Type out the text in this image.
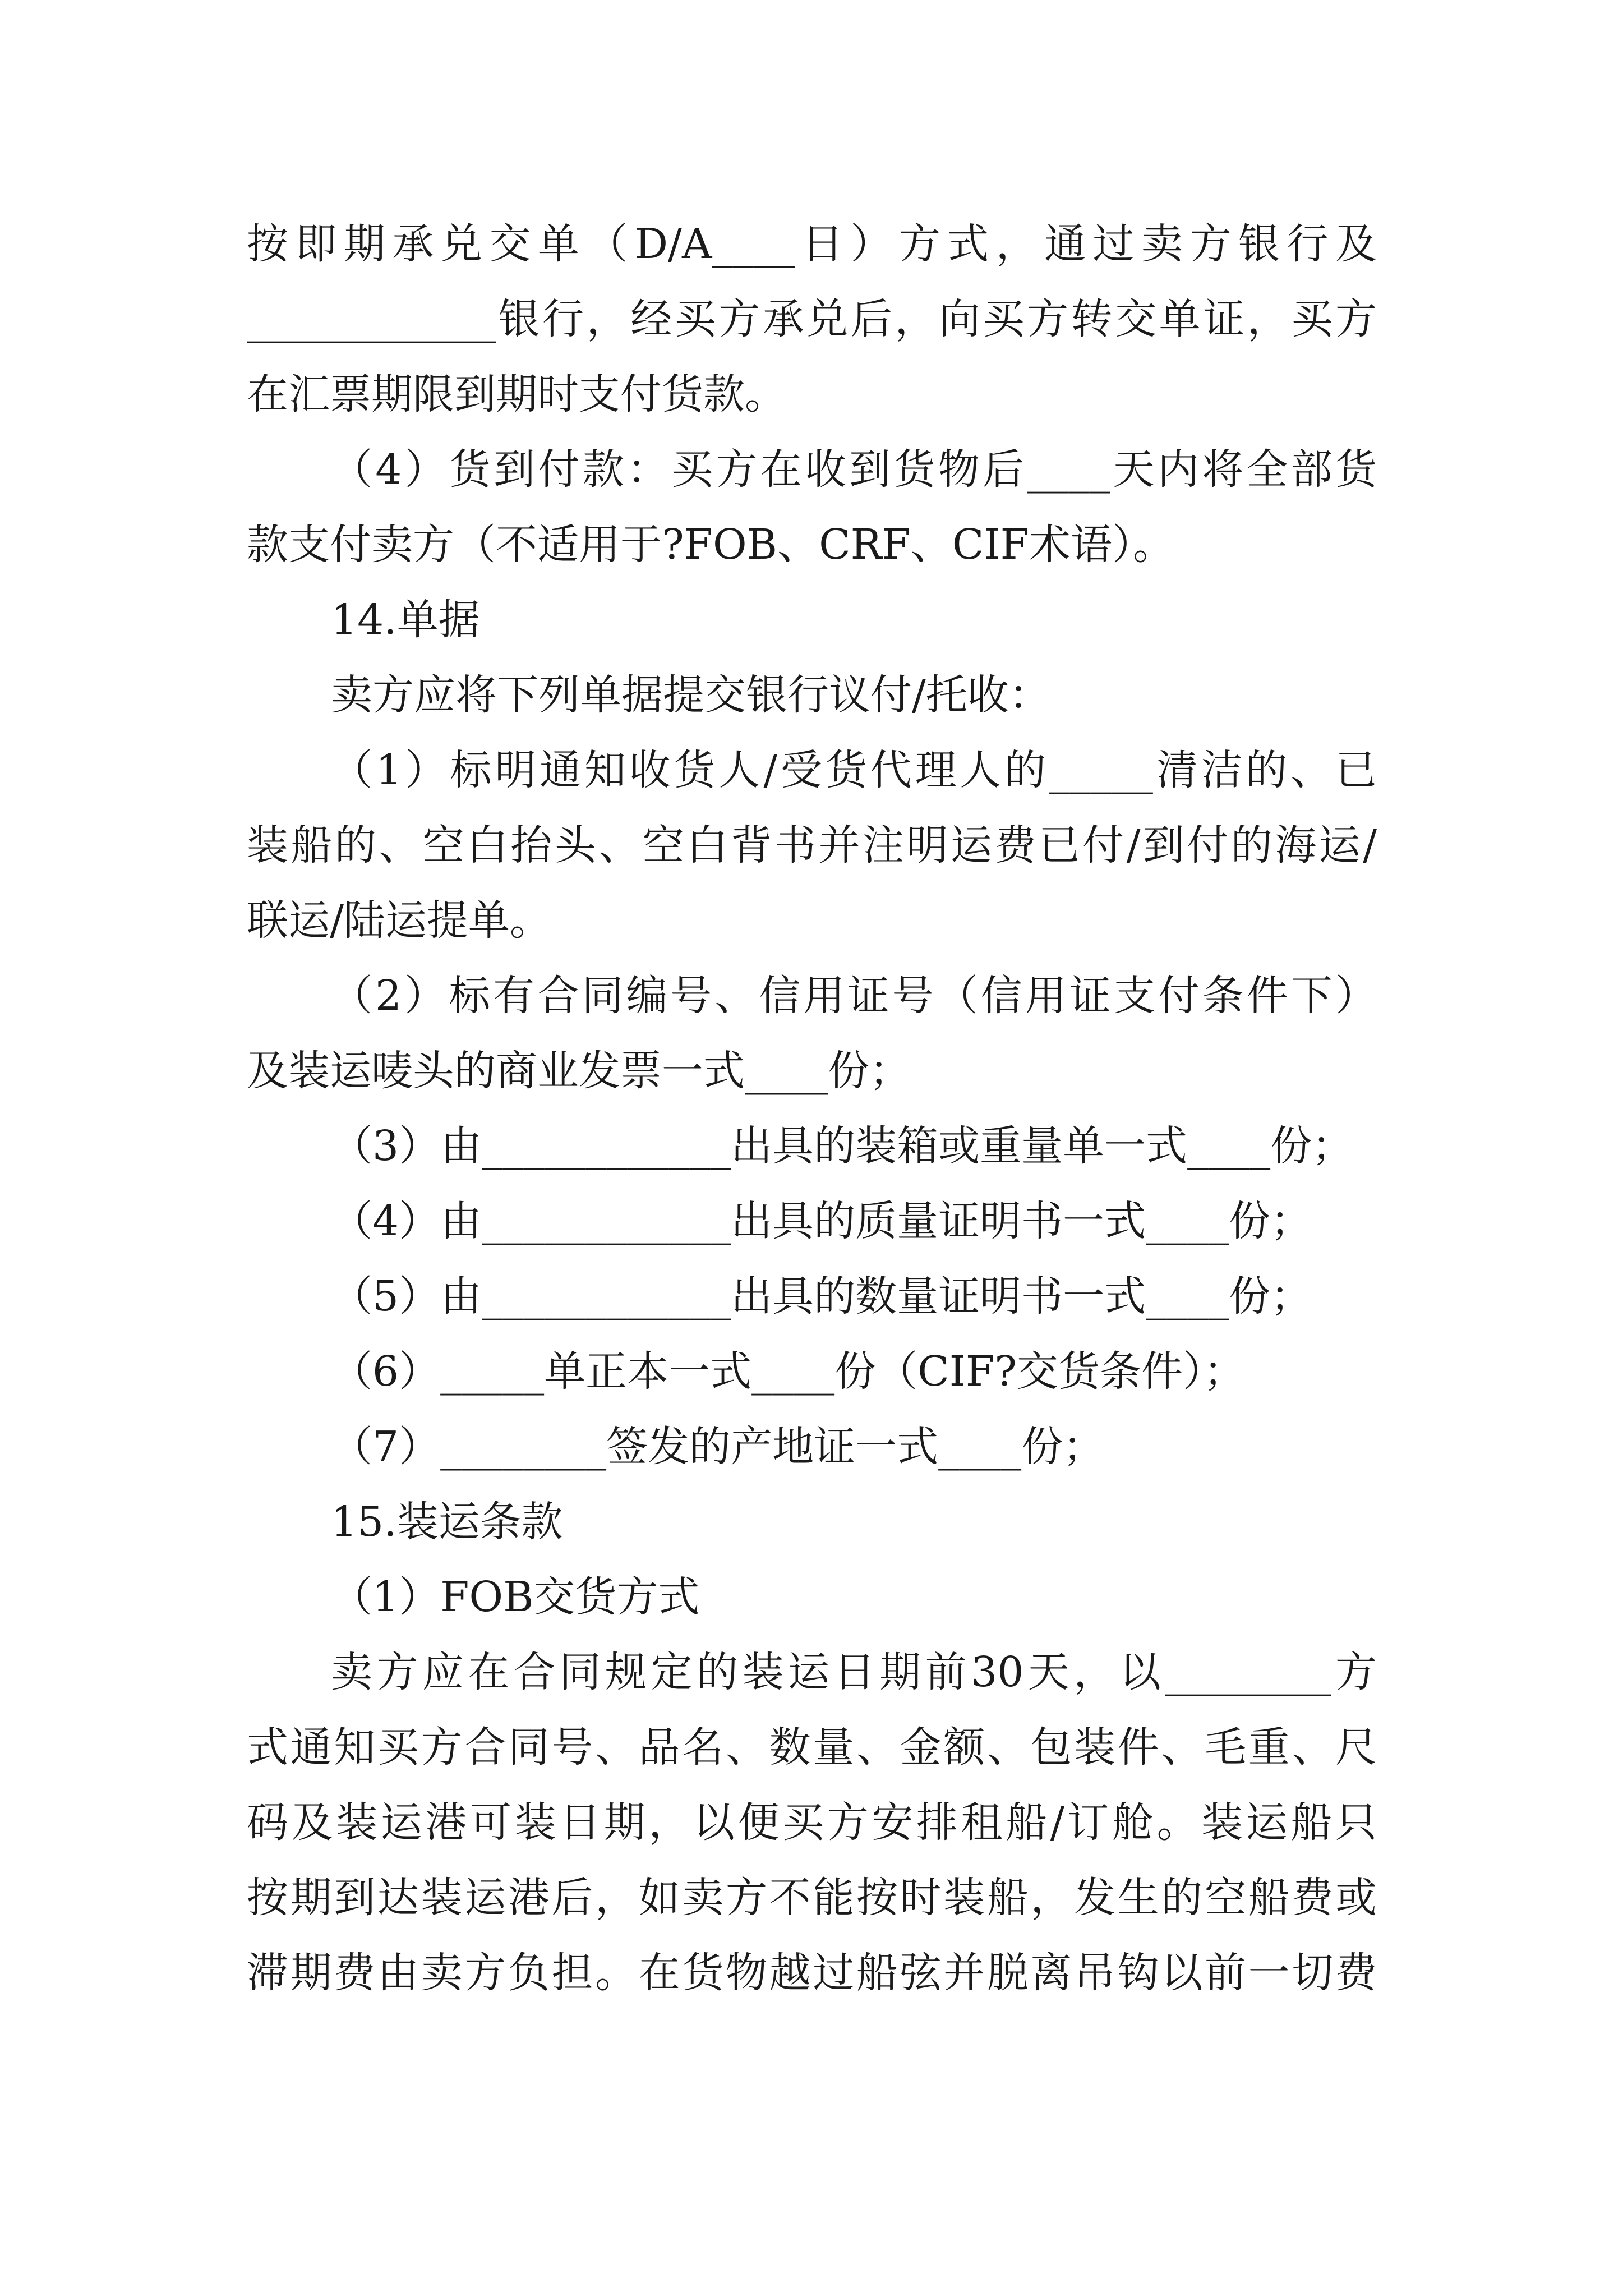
按即期承兑交单（D/A____日）方式，通过卖方银行及
____________银行，经买方承兑后，向买方转交单证，买方
在汇票期限到期时支付货款。
（4）货到付款：买方在收到货物后____天内将全部货
款支付卖方（不适用于?FOB、CRF、CIF术语）。
14.单据
卖方应将下列单据提交银行议付/托收：
（1）标明通知收货人/受货代理人的_____清洁的、已
装船的、空白抬头、空白背书并注明运费已付/到付的海运/
联运/陆运提单。
（2）标有合同编号、信用证号（信用证支付条件下）
及装运唛头的商业发票一式____份；
（3）由____________出具的装箱或重量单一式____份；
（4）由____________出具的质量证明书一式____份；
（5）由____________出具的数量证明书一式____份；
（6）_____单正本一式____份（CIF?交货条件）；
（7）________签发的产地证一式____份；
15.装运条款
（1）FOB交货方式
卖方应在合同规定的装运日期前30天，以________方
式通知买方合同号、品名、数量、金额、包装件、毛重、尺
码及装运港可装日期，以便买方安排租船/订舱。装运船只
按期到达装运港后，如卖方不能按时装船，发生的空船费或
滞期费由卖方负担。在货物越过船弦并脱离吊钩以前一切费
